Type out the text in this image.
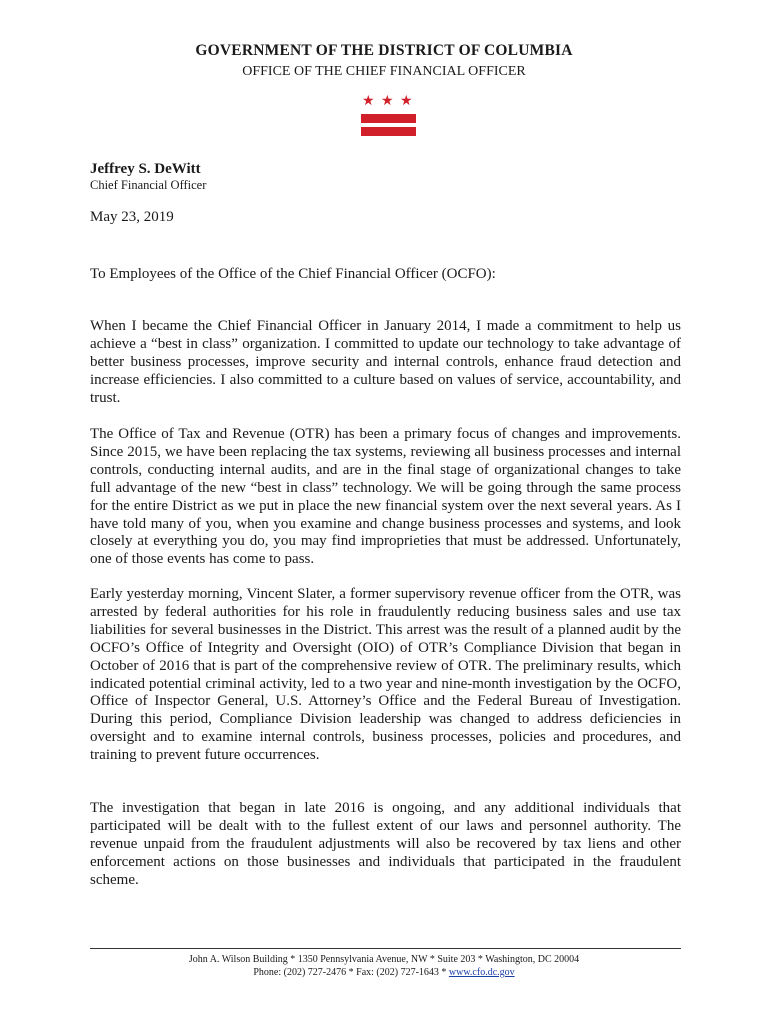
GOVERNMENT OF THE DISTRICT OF COLUMBIA
OFFICE OF THE CHIEF FINANCIAL OFFICER
★ ★ ★
Jeffrey S. DeWitt
Chief Financial Officer
May 23, 2019
To Employees of the Office of the Chief Financial Officer (OCFO):

When I became the Chief Financial Officer in January 2014, I made a commitment to help us achieve a “best in class” organization. I committed to update our technology to take advantage of better business processes, improve security and internal controls, enhance fraud detection and increase efficiencies. I also committed to a culture based on values of service, accountability, and trust.

The Office of Tax and Revenue (OTR) has been a primary focus of changes and improvements. Since 2015, we have been replacing the tax systems, reviewing all business processes and internal controls, conducting internal audits, and are in the final stage of organizational changes to take full advantage of the new “best in class” technology. We will be going through the same process for the entire District as we put in place the new financial system over the next several years. As I have told many of you, when you examine and change business processes and systems, and look closely at everything you do, you may find improprieties that must be addressed. Unfortunately, one of those events has come to pass.

Early yesterday morning, Vincent Slater, a former supervisory revenue officer from the OTR, was arrested by federal authorities for his role in fraudulently reducing business sales and use tax liabilities for several businesses in the District. This arrest was the result of a planned audit by the OCFO’s Office of Integrity and Oversight (OIO) of OTR’s Compliance Division that began in October of 2016 that is part of the comprehensive review of OTR. The preliminary results, which indicated potential criminal activity, led to a two year and nine-month investigation by the OCFO, Office of Inspector General, U.S. Attorney’s Office and the Federal Bureau of Investigation. During this period, Compliance Division leadership was changed to address deficiencies in oversight and to examine internal controls, business processes, policies and procedures, and training to prevent future occurrences.

The investigation that began in late 2016 is ongoing, and any additional individuals that participated will be dealt with to the fullest extent of our laws and personnel authority. The revenue unpaid from the fraudulent adjustments will also be recovered by tax liens and other enforcement actions on those businesses and individuals that participated in the fraudulent scheme.

John A. Wilson Building * 1350 Pennsylvania Avenue, NW * Suite 203 * Washington, DC 20004
Phone: (202) 727-2476 * Fax: (202) 727-1643 * www.cfo.dc.gov
